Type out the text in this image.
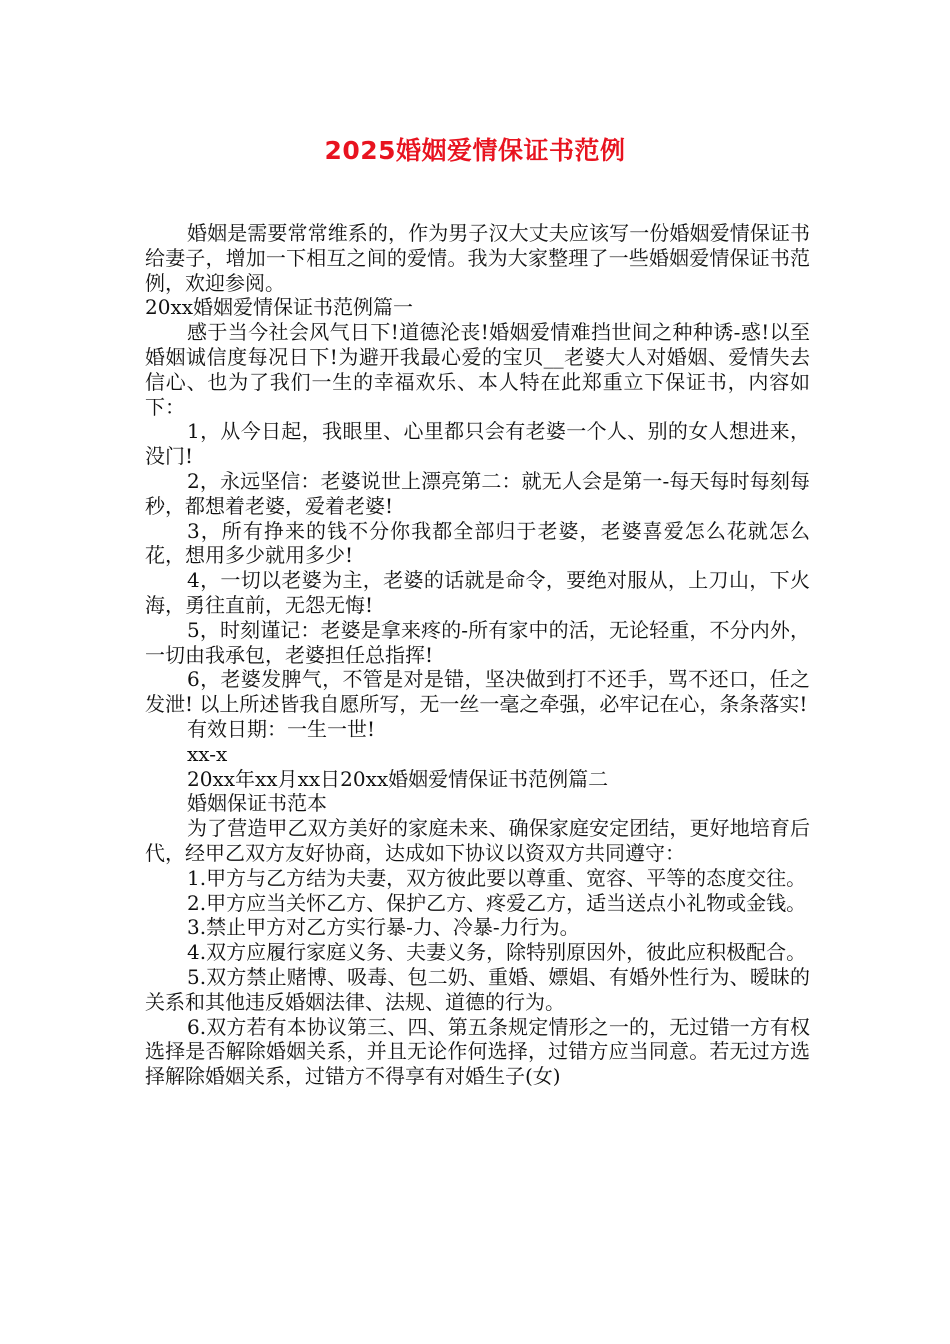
2025婚姻爱情保证书范例

婚姻是需要常常维系的，作为男子汉大丈夫应该写一份婚姻爱情保证书给妻子，增加一下相互之间的爱情。我为大家整理了一些婚姻爱情保证书范例，欢迎参阅。

20xx婚姻爱情保证书范例篇一

感于当今社会风气日下!道德沦丧!婚姻爱情难挡世间之种种诱-惑!以至婚姻诚信度每况日下!为避开我最心爱的宝贝__老婆大人对婚姻、爱情失去信心、也为了我们一生的幸福欢乐、本人特在此郑重立下保证书，内容如下：

1，从今日起，我眼里、心里都只会有老婆一个人、别的女人想进来，没门!

2，永远坚信：老婆说世上漂亮第二：就无人会是第一-每天每时每刻每秒，都想着老婆，爱着老婆!

3，所有挣来的钱不分你我都全部归于老婆，老婆喜爱怎么花就怎么花，想用多少就用多少!

4，一切以老婆为主，老婆的话就是命令，要绝对服从，上刀山，下火海，勇往直前，无怨无悔!

5，时刻谨记：老婆是拿来疼的-所有家中的活，无论轻重，不分内外，一切由我承包，老婆担任总指挥!

6，老婆发脾气，不管是对是错，坚决做到打不还手，骂不还口，任之发泄! 以上所述皆我自愿所写，无一丝一毫之牵强，必牢记在心，条条落实!

有效日期：一生一世!

xx-x

20xx年xx月xx日20xx婚姻爱情保证书范例篇二

婚姻保证书范本

为了营造甲乙双方美好的家庭未来、确保家庭安定团结，更好地培育后代，经甲乙双方友好协商，达成如下协议以资双方共同遵守：

1.甲方与乙方结为夫妻，双方彼此要以尊重、宽容、平等的态度交往。

2.甲方应当关怀乙方、保护乙方、疼爱乙方，适当送点小礼物或金钱。

3.禁止甲方对乙方实行暴-力、冷暴-力行为。

4.双方应履行家庭义务、夫妻义务，除特别原因外，彼此应积极配合。

5.双方禁止赌博、吸毒、包二奶、重婚、嫖娼、有婚外性行为、暧昧的关系和其他违反婚姻法律、法规、道德的行为。

6.双方若有本协议第三、四、第五条规定情形之一的，无过错一方有权选择是否解除婚姻关系，并且无论作何选择，过错方应当同意。若无过方选择解除婚姻关系，过错方不得享有对婚生子(女)
